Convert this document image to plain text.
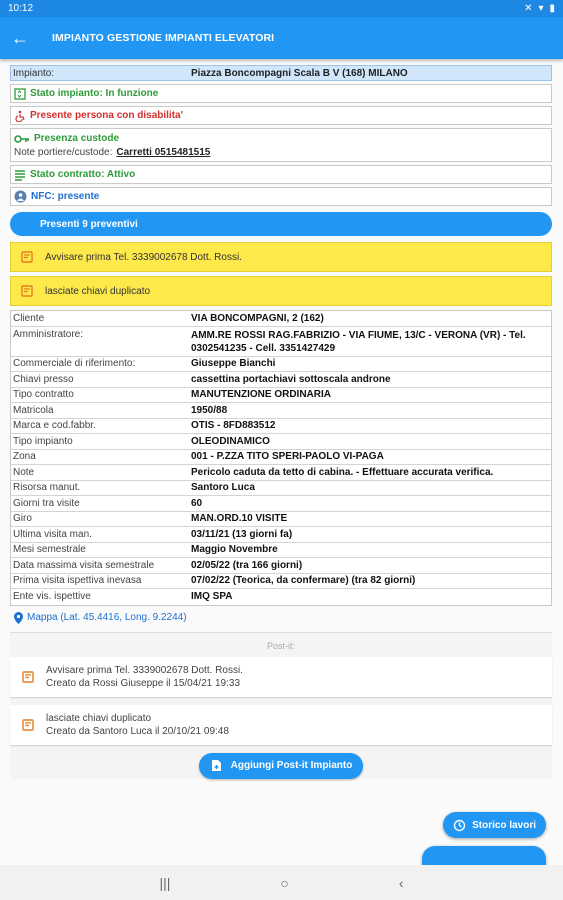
10:12	✕ ▾ ▮
←	IMPIANTO GESTIONE IMPIANTI ELEVATORI
Impianto:	Piazza Boncompagni Scala B V (168) MILANO
Stato impianto: In funzione
Presente persona con disabilita'
Presenza custode
Note portiere/custode: Carretti 0515481515
Stato contratto: Attivo
NFC: presente
Presenti 9 preventivi
Avvisare prima Tel. 3339002678 Dott. Rossi.
lasciate chiavi duplicato
Cliente	VIA BONCOMPAGNI, 2 (162)
Amministratore:	AMM.RE ROSSI RAG.FABRIZIO - VIA FIUME, 13/C - VERONA (VR) - Tel. 0302541235 - Cell. 3351427429
Commerciale di riferimento:	Giuseppe Bianchi
Chiavi presso	cassettina portachiavi sottoscala androne
Tipo contratto	MANUTENZIONE ORDINARIA
Matricola	1950/88
Marca e cod.fabbr.	OTIS - 8FD883512
Tipo impianto	OLEODINAMICO
Zona	001 - P.ZZA TITO SPERI-PAOLO VI-PAGA
Note	Pericolo caduta da tetto di cabina. - Effettuare accurata verifica.
Risorsa manut.	Santoro Luca
Giorni tra visite	60
Giro	MAN.ORD.10 VISITE
Ultima visita man.	03/11/21 (13 giorni fa)
Mesi semestrale	Maggio Novembre
Data massima visita semestrale	02/05/22 (tra 166 giorni)
Prima visita ispettiva inevasa	07/02/22 (Teorica, da confermare) (tra 82 giorni)
Ente vis. ispettive	IMQ SPA
Mappa (Lat. 45.4416, Long. 9.2244)
Post-it:
Avvisare prima Tel. 3339002678 Dott. Rossi.
Creato da Rossi Giuseppe il 15/04/21 19:33
lasciate chiavi duplicato
Creato da Santoro Luca il 20/10/21 09:48
Aggiungi Post-it Impianto
Storico lavori
|||	○	‹
